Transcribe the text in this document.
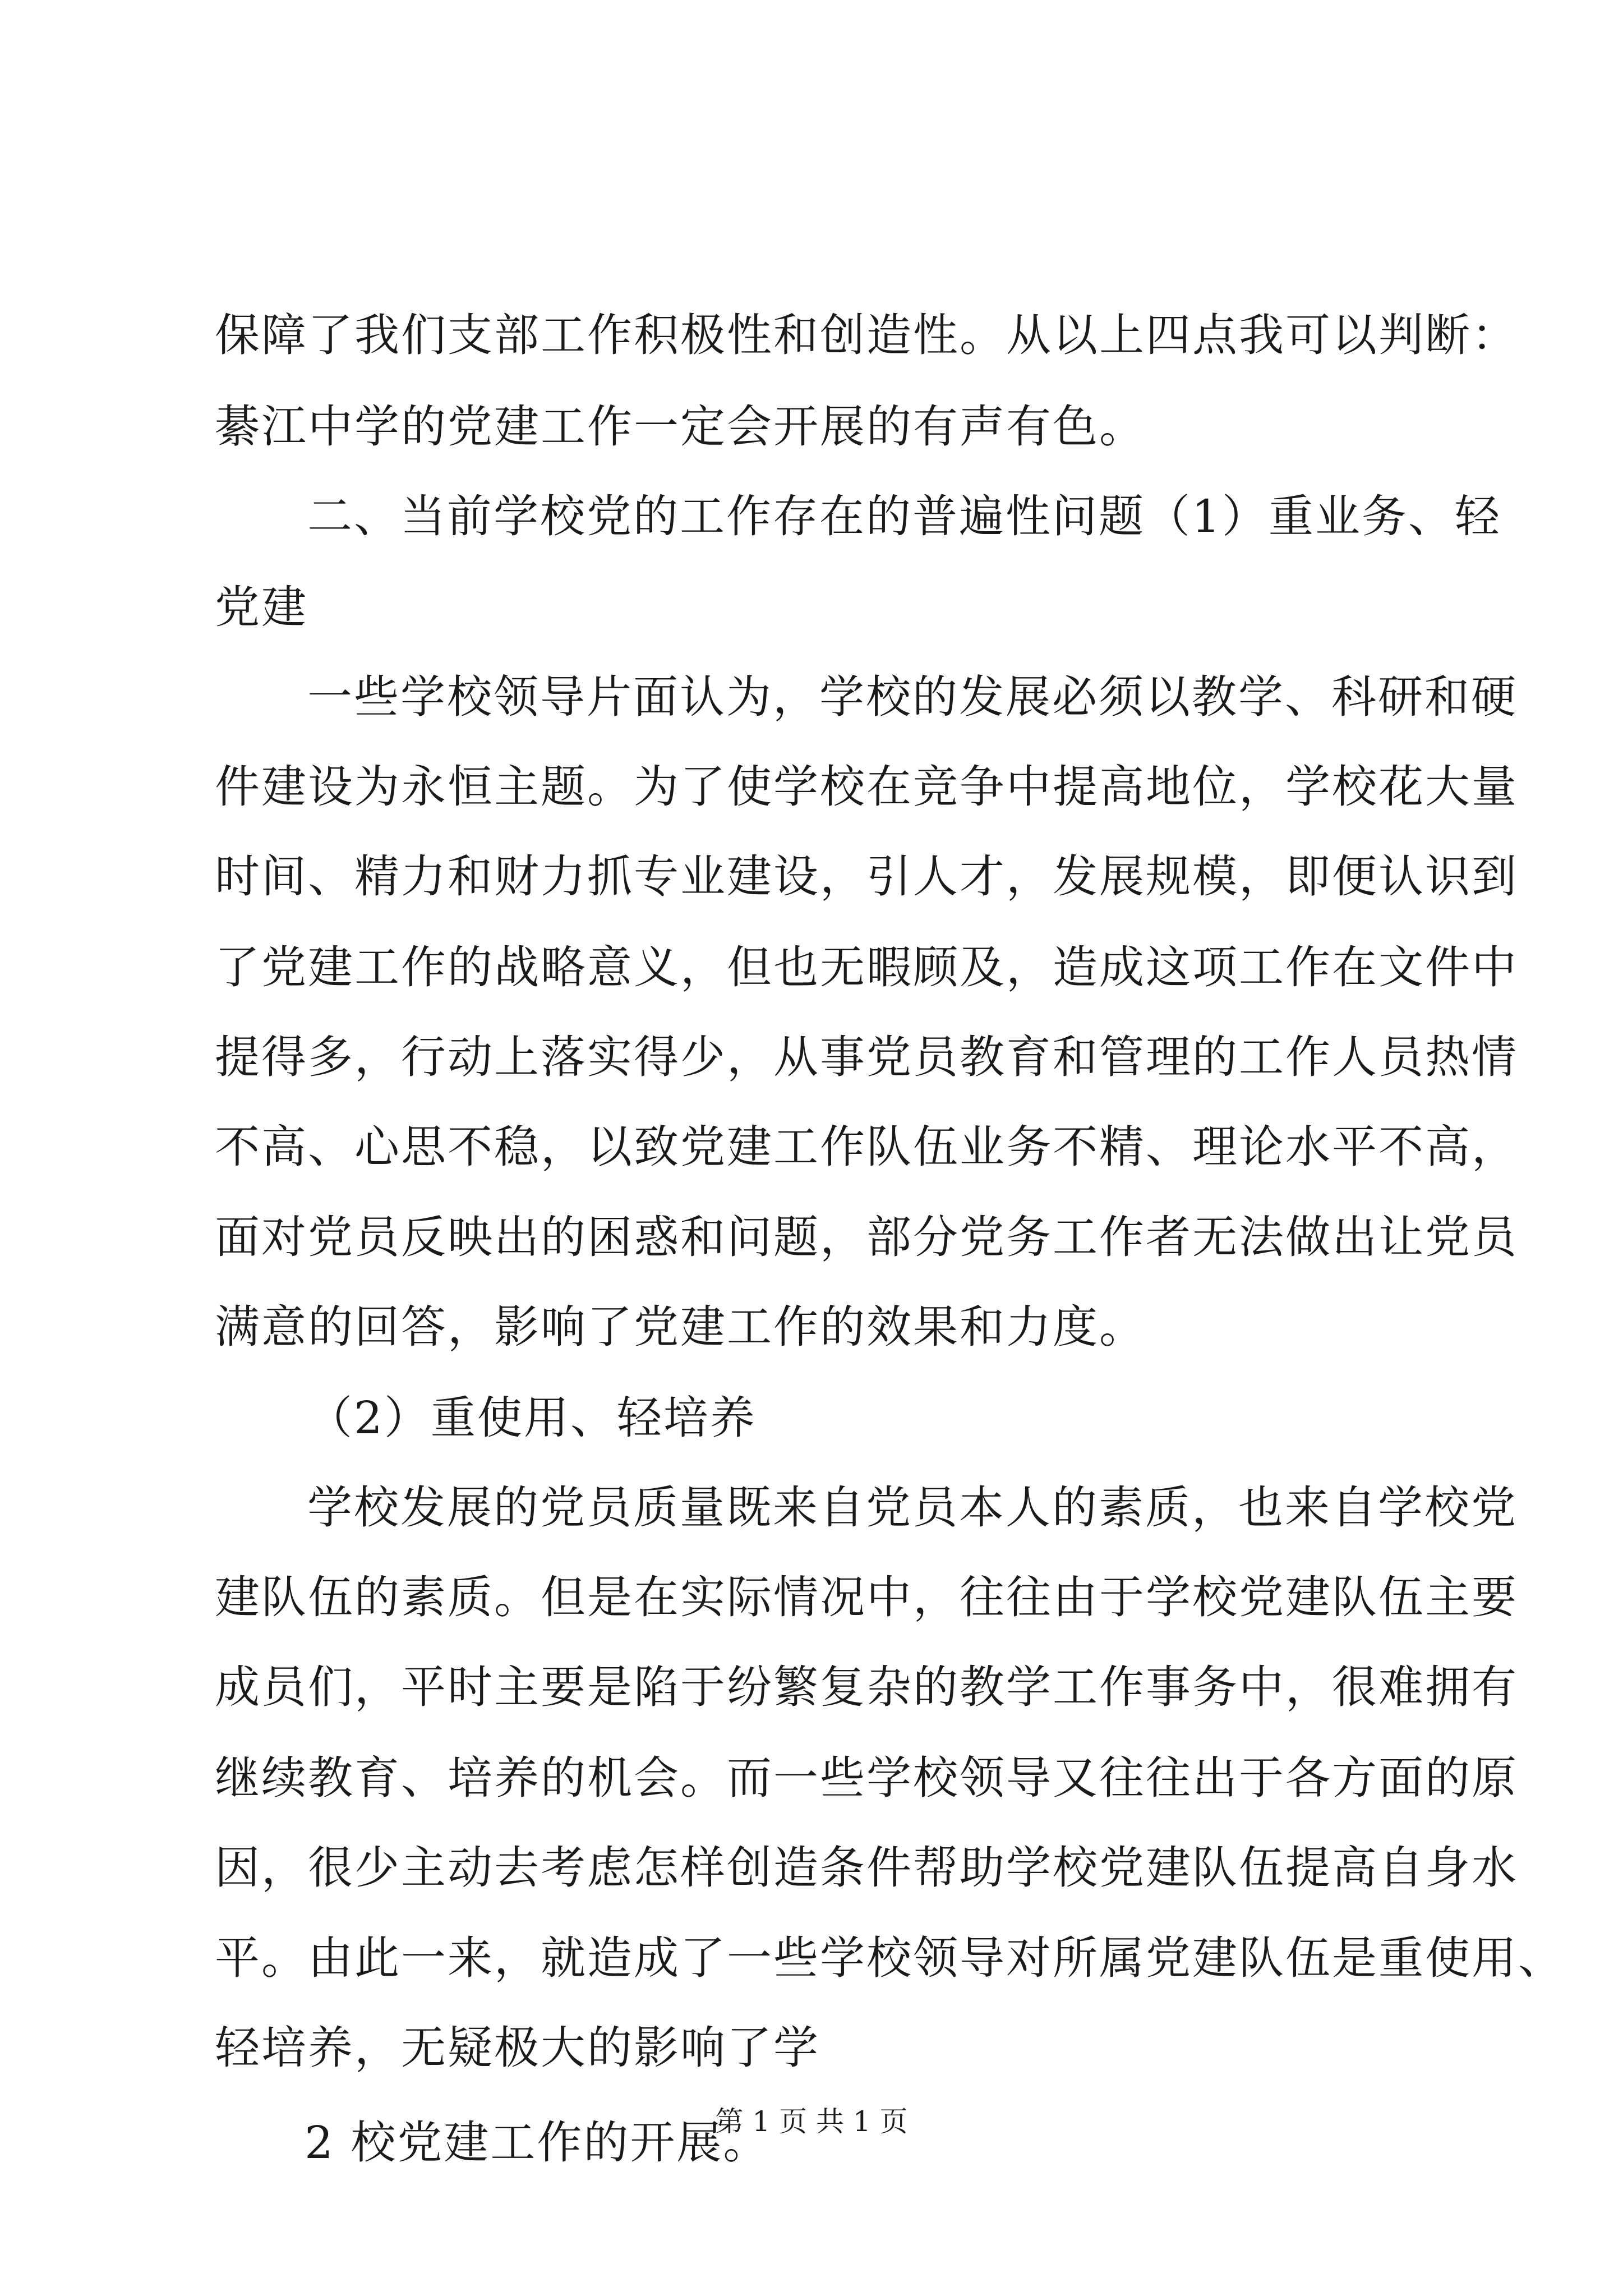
保障了我们支部工作积极性和创造性。从以上四点我可以判断：
綦江中学的党建工作一定会开展的有声有色。
二、当前学校党的工作存在的普遍性问题（1）重业务、轻
党建
一些学校领导片面认为，学校的发展必须以教学、科研和硬
件建设为永恒主题。为了使学校在竞争中提高地位，学校花大量
时间、精力和财力抓专业建设，引人才，发展规模，即便认识到
了党建工作的战略意义，但也无暇顾及，造成这项工作在文件中
提得多，行动上落实得少，从事党员教育和管理的工作人员热情
不高、心思不稳，以致党建工作队伍业务不精、理论水平不高，
面对党员反映出的困惑和问题，部分党务工作者无法做出让党员
满意的回答，影响了党建工作的效果和力度。
（2）重使用、轻培养
学校发展的党员质量既来自党员本人的素质，也来自学校党
建队伍的素质。但是在实际情况中，往往由于学校党建队伍主要
成员们，平时主要是陷于纷繁复杂的教学工作事务中，很难拥有
继续教育、培养的机会。而一些学校领导又往往出于各方面的原
因，很少主动去考虑怎样创造条件帮助学校党建队伍提高自身水
平。由此一来，就造成了一些学校领导对所属党建队伍是重使用、
轻培养，无疑极大的影响了学
2 校党建工作的开展。
第 1 页 共 1 页
